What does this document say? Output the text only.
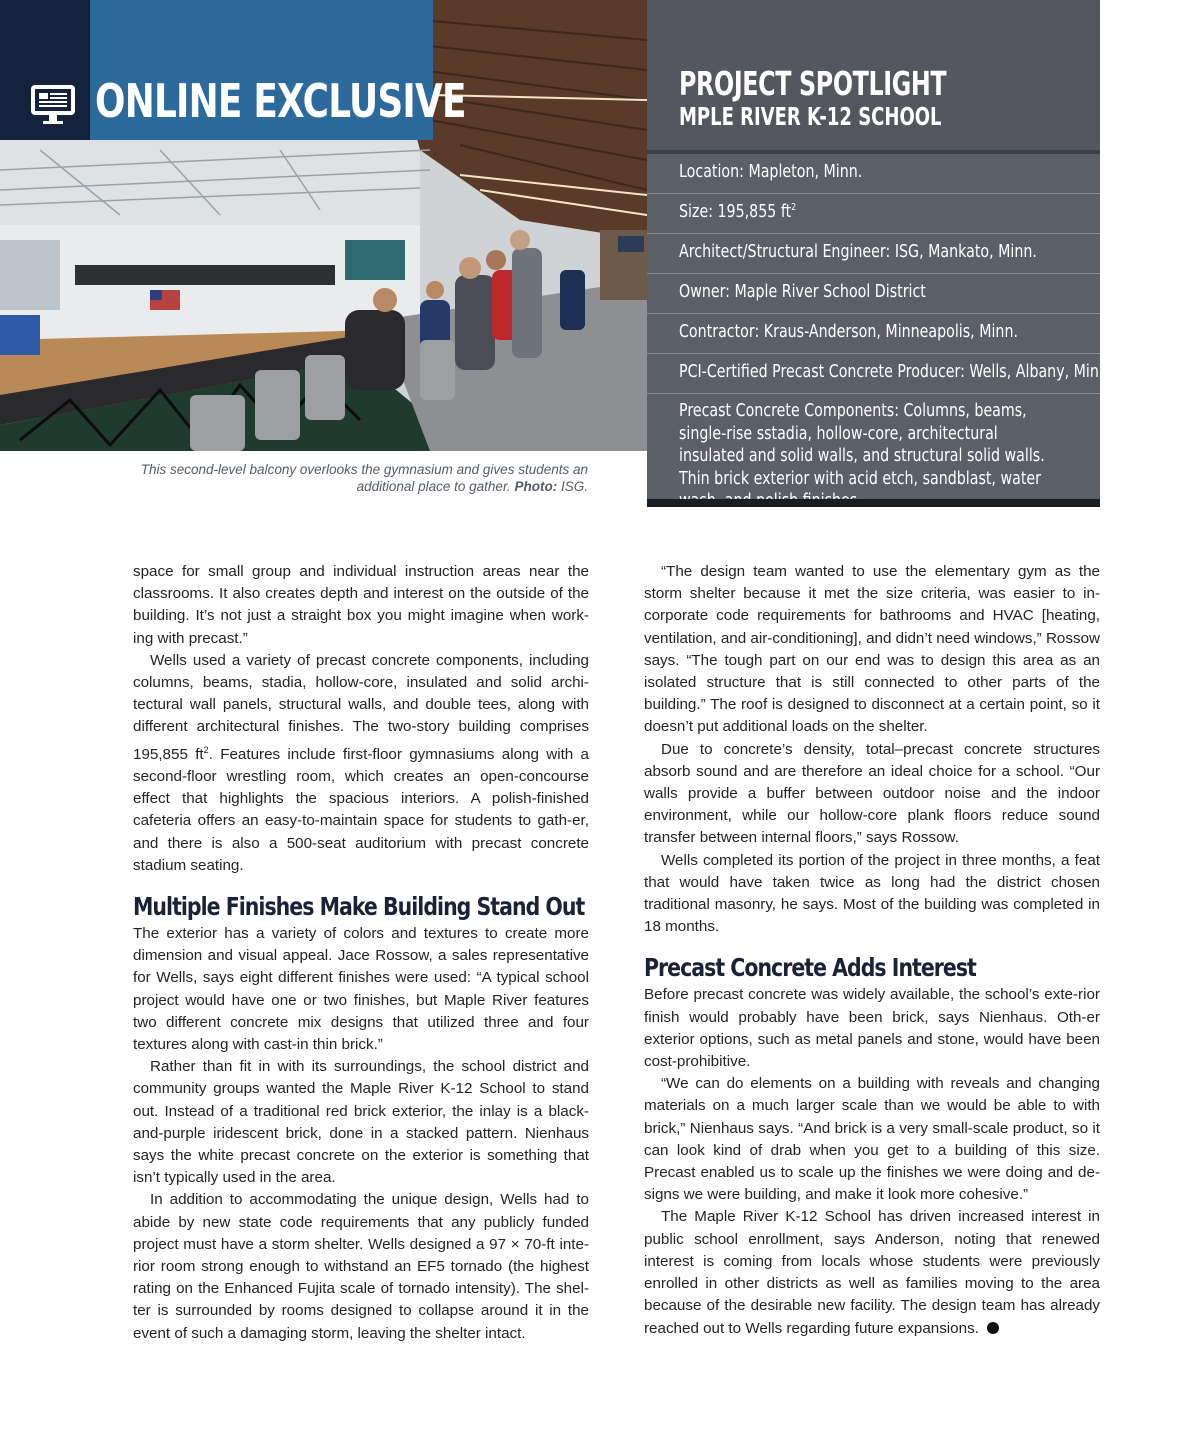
ONLINE EXCLUSIVE
This second-level balcony overlooks the gymnasium and gives students an additional place to gather. Photo: ISG.
PROJECT SPOTLIGHT
MPLE RIVER K-12 SCHOOL
Location: Mapleton, Minn.
Size: 195,855 $ft^2$
Architect/Structural Engineer: ISG, Mankato, Minn.
Owner: Maple River School District
Contractor: Kraus-Anderson, Minneapolis, Minn.
PCI-Certified Precast Concrete Producer: Wells, Albany, Minn.
Precast Concrete Components: Columns, beams, single-rise sstadia, hollow-core, architectural insulated and solid walls, and structural solid walls. Thin brick exterior with acid etch, sandblast, water

space for small group and individual instruction areas near the classrooms. It also creates depth and interest on the outside of the building. It’s not just a straight box you might imagine when work-ing with precast.”

Wells used a variety of precast concrete components, including columns, beams, stadia, hollow-core, insulated and solid archi-tectural wall panels, structural walls, and double tees, along with different architectural finishes. The two-story building comprises 195,855 $ft^2$. Features include first-floor gymnasiums along with a second-floor wrestling room, which creates an open-concourse effect that highlights the spacious interiors. A polish-finished cafeteria offers an easy-to-maintain space for students to gath-er, and there is also a 500-seat auditorium with precast concrete stadium seating.

Multiple Finishes Make Building Stand Out

The exterior has a variety of colors and textures to create more dimension and visual appeal. Jace Rossow, a sales representative for Wells, says eight different finishes were used: “A typical school project would have one or two finishes, but Maple River features two different concrete mix designs that utilized three and four textures along with cast-in thin brick.”

Rather than fit in with its surroundings, the school district and community groups wanted the Maple River K-12 School to stand out. Instead of a traditional red brick exterior, the inlay is a black-and-purple iridescent brick, done in a stacked pattern. Nienhaus says the white precast concrete on the exterior is something that isn’t typically used in the area.

In addition to accommodating the unique design, Wells had to abide by new state code requirements that any publicly funded project must have a storm shelter. Wells designed a 97 × 70-ft inte-rior room strong enough to withstand an EF5 tornado (the highest rating on the Enhanced Fujita scale of tornado intensity). The shel-ter is surrounded by rooms designed to collapse around it in the event of such a damaging storm, leaving the shelter intact.

“The design team wanted to use the elementary gym as the storm shelter because it met the size criteria, was easier to in-corporate code requirements for bathrooms and HVAC [heating, ventilation, and air-conditioning], and didn’t need windows,” Rossow says. “The tough part on our end was to design this area as an isolated structure that is still connected to other parts of the building.” The roof is designed to disconnect at a certain point, so it doesn’t put additional loads on the shelter.

Due to concrete’s density, total–precast concrete structures absorb sound and are therefore an ideal choice for a school. “Our walls provide a buffer between outdoor noise and the indoor environment, while our hollow-core plank floors reduce sound transfer between internal floors,” says Rossow.

Wells completed its portion of the project in three months, a feat that would have taken twice as long had the district chosen traditional masonry, he says. Most of the building was completed in 18 months.

Precast Concrete Adds Interest

Before precast concrete was widely available, the school’s exte-rior finish would probably have been brick, says Nienhaus. Oth-er exterior options, such as metal panels and stone, would have been cost-prohibitive.

“We can do elements on a building with reveals and changing materials on a much larger scale than we would be able to with brick,” Nienhaus says. “And brick is a very small-scale product, so it can look kind of drab when you get to a building of this size. Precast enabled us to scale up the finishes we were doing and de-signs we were building, and make it look more cohesive.”

The Maple River K-12 School has driven increased interest in public school enrollment, says Anderson, noting that renewed interest is coming from locals whose students were previously enrolled in other districts as well as families moving to the area because of the desirable new facility. The design team has already reached out to Wells regarding future expansions.
